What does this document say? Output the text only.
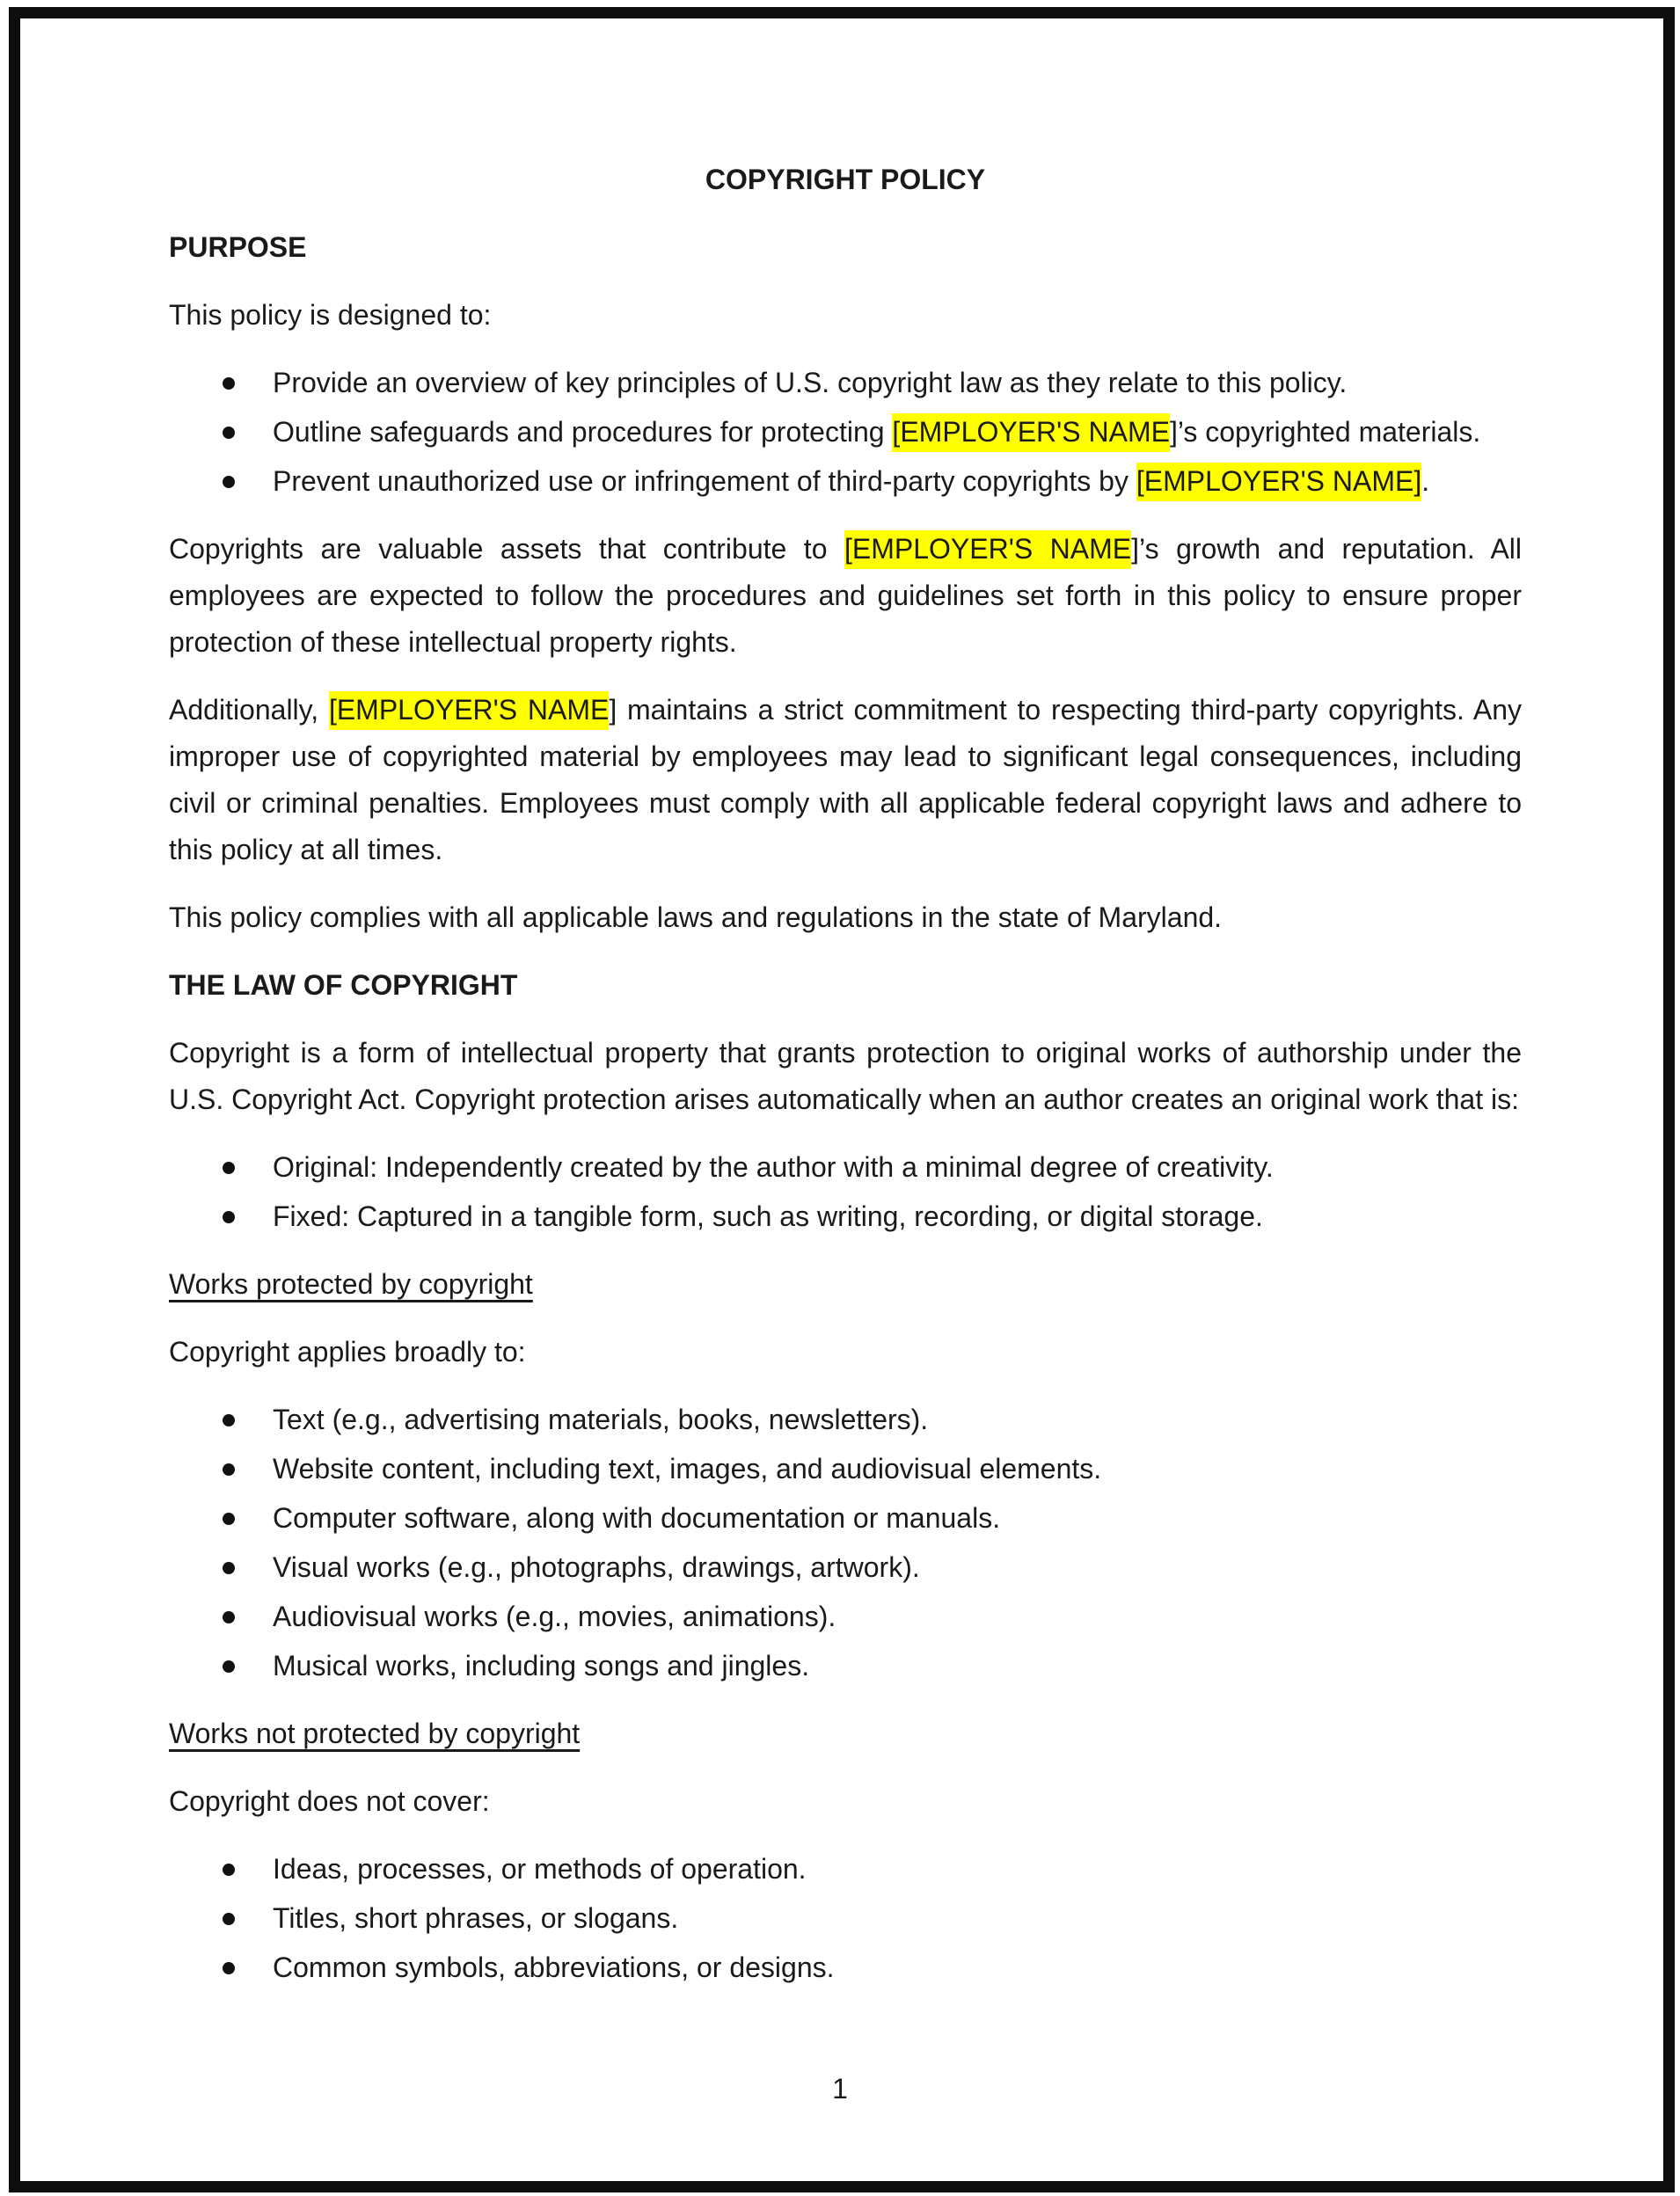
COPYRIGHT POLICY
PURPOSE

This policy is designed to:

Provide an overview of key principles of U.S. copyright law as they relate to this policy.
Outline safeguards and procedures for protecting [EMPLOYER'S NAME]’s copyrighted materials.
Prevent unauthorized use or infringement of third-party copyrights by [EMPLOYER'S NAME].

Copyrights are valuable assets that contribute to [EMPLOYER'S NAME]’s growth and reputation. All employees are expected to follow the procedures and guidelines set forth in this policy to ensure proper protection of these intellectual property rights.

Additionally, [EMPLOYER'S NAME] maintains a strict commitment to respecting third-party copyrights. Any improper use of copyrighted material by employees may lead to significant legal consequences, including civil or criminal penalties. Employees must comply with all applicable federal copyright laws and adhere to this policy at all times.

This policy complies with all applicable laws and regulations in the state of Maryland.

THE LAW OF COPYRIGHT

Copyright is a form of intellectual property that grants protection to original works of authorship under the U.S. Copyright Act. Copyright protection arises automatically when an author creates an original work that is:

Original: Independently created by the author with a minimal degree of creativity.
Fixed: Captured in a tangible form, such as writing, recording, or digital storage.
Works protected by copyright

Copyright applies broadly to:

Text (e.g., advertising materials, books, newsletters).
Website content, including text, images, and audiovisual elements.
Computer software, along with documentation or manuals.
Visual works (e.g., photographs, drawings, artwork).
Audiovisual works (e.g., movies, animations).
Musical works, including songs and jingles.
Works not protected by copyright

Copyright does not cover:

Ideas, processes, or methods of operation.
Titles, short phrases, or slogans.
Common symbols, abbreviations, or designs.
1
